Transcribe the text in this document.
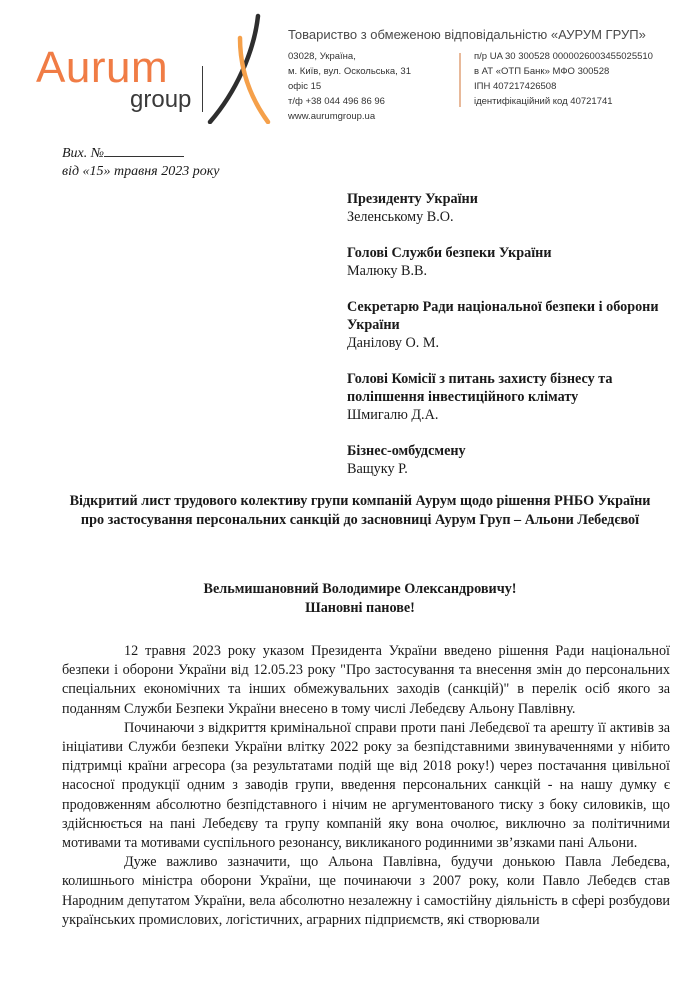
Aurum
group
Товариство з обмеженою відповідальністю «АУРУМ ГРУП»
03028, Україна,
м. Київ, вул. Оскольська, 31
офіс 15
т/ф +38 044 496 86 96
www.aurumgroup.ua
п/р UA 30 300528 0000026003455025510
в АТ «ОТП Банк» МФО 300528
ІПН 407217426508
ідентифікаційний код 40721741
Вих. №
від «15» травня 2023 року
Президенту України
Зеленському В.О.
Голові Служби безпеки України
Малюку В.В.
Секретарю Ради національної безпеки і оборони України
Данілову О. М.
Голові Комісії з питань захисту бізнесу та поліпшення інвестиційного клімату
Шмигалю Д.А.
Бізнес-омбудсмену
Ващуку Р.
Відкритий лист трудового колективу групи компаній Аурум щодо рішення РНБО України про застосування персональних санкцій до засновниці Аурум Груп – Альони Лебедєвої
Вельмишановний Володимире Олександровичу!
Шановні панове!

12 травня 2023 року указом Президента України введено рішення Ради національної безпеки і оборони України від 12.05.23 року "Про застосування та внесення змін до персональних спеціальних економічних та інших обмежувальних заходів (санкцій)" в перелік осіб якого за поданням Служби Безпеки України внесено в тому числі Лебедєву Альону Павлівну.

Починаючи з відкриття кримінальної справи проти пані Лебедєвої та арешту її активів за ініціативи Служби безпеки України влітку 2022 року за безпідставними звинуваченнями у нібито підтримці країни агресора (за результатами подій ще від 2018 року!) через постачання цивільної насосної продукції одним з заводів групи, введення персональних санкцій - на нашу думку є продовженням абсолютно безпідставного і нічим не аргументованого тиску з боку силовиків, що здійснюється на пані Лебедєву та групу компаній яку вона очолює, виключно за політичними мотивами та мотивами суспільного резонансу, викликаного родинними зв’язками пані Альони.

Дуже важливо зазначити, що Альона Павлівна, будучи донькою Павла Лебедєва, колишнього міністра оборони України, ще починаючи з 2007 року, коли Павло Лебедєв став Народним депутатом України, вела абсолютно незалежну і самостійну діяльність в сфері розбудови українських промислових, логістичних, аграрних підприємств, які створювали
